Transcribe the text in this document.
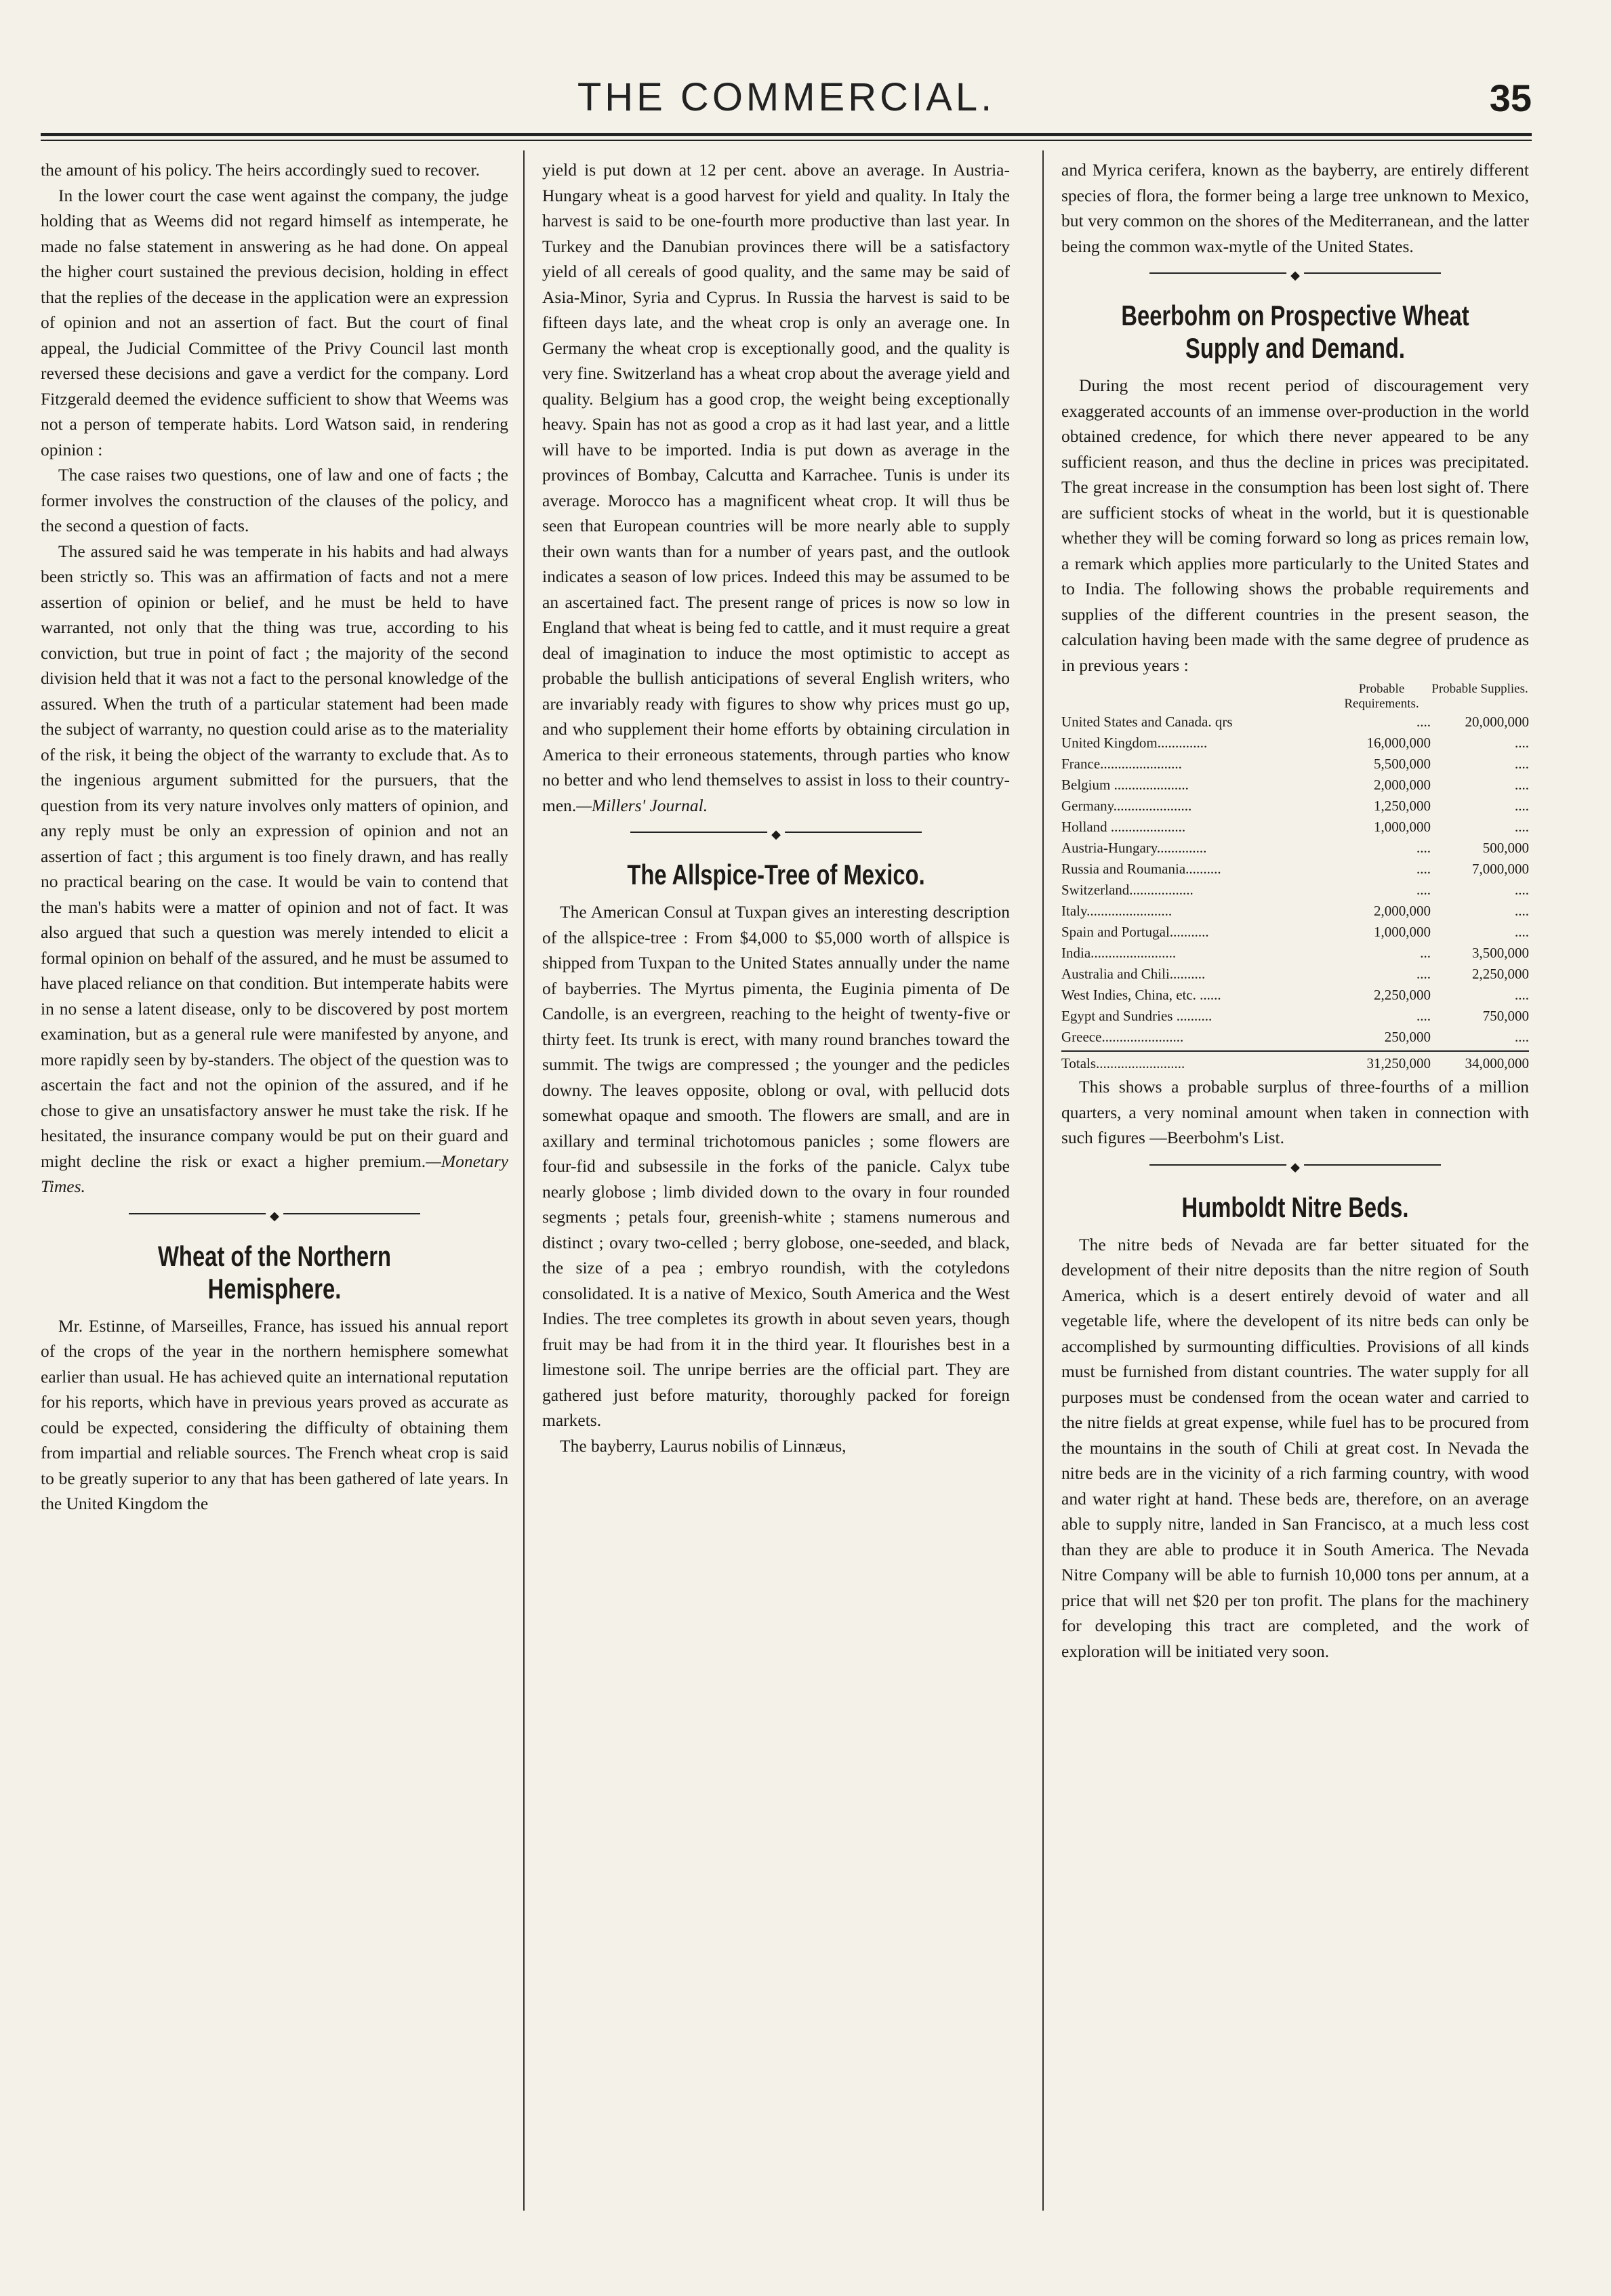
THE COMMERCIAL.	35

the amount of his policy. The heirs accordingly sued to recover.

In the lower court the case went against the company, the judge holding that as Weems did not regard himself as intemperate, he made no false statement in answering as he had done. On appeal the higher court sustained the previous decision, holding in effect that the replies of the decease in the application were an expression of opinion and not an assertion of fact. But the court of final appeal, the Judicial Committee of the Privy Council last month reversed these decisions and gave a verdict for the company. Lord Fitzgerald deemed the evidence sufficient to show that Weems was not a person of temperate habits. Lord Watson said, in rendering opinion :

The case raises two questions, one of law and one of facts ; the former involves the construction of the clauses of the policy, and the second a question of facts.

The assured said he was temperate in his habits and had always been strictly so. This was an affirmation of facts and not a mere assertion of opinion or belief, and he must be held to have warranted, not only that the thing was true, according to his conviction, but true in point of fact ; the majority of the second division held that it was not a fact to the personal knowledge of the assured. When the truth of a particular statement had been made the subject of warranty, no question could arise as to the materiality of the risk, it being the object of the warranty to exclude that. As to the ingenious argument submitted for the pursuers, that the question from its very nature involves only matters of opinion, and any reply must be only an expression of opinion and not an assertion of fact ; this argument is too finely drawn, and has really no practical bearing on the case. It would be vain to contend that the man's habits were a matter of opinion and not of fact. It was also argued that such a question was merely intended to elicit a formal opinion on behalf of the assured, and he must be assumed to have placed reliance on that condition. But intemperate habits were in no sense a latent disease, only to be discovered by post mortem examination, but as a general rule were manifested by anyone, and more rapidly seen by by-standers. The object of the question was to ascertain the fact and not the opinion of the assured, and if he chose to give an unsatisfactory answer he must take the risk. If he hesitated, the insurance company would be put on their guard and might decline the risk or exact a higher premium.—Monetary Times.

◆
Wheat of the Northern Hemisphere.

Mr. Estinne, of Marseilles, France, has issued his annual report of the crops of the year in the northern hemisphere somewhat earlier than usual. He has achieved quite an international reputation for his reports, which have in previous years proved as accurate as could be expected, considering the difficulty of obtaining them from impartial and reliable sources. The French wheat crop is said to be greatly superior to any that has been gathered of late years. In the United Kingdom the

yield is put down at 12 per cent. above an average. In Austria-Hungary wheat is a good harvest for yield and quality. In Italy the harvest is said to be one-fourth more productive than last year. In Turkey and the Danubian provinces there will be a satisfactory yield of all cereals of good quality, and the same may be said of Asia-Minor, Syria and Cyprus. In Russia the harvest is said to be fifteen days late, and the wheat crop is only an average one. In Germany the wheat crop is exceptionally good, and the quality is very fine. Switzerland has a wheat crop about the average yield and quality. Belgium has a good crop, the weight being exceptionally heavy. Spain has not as good a crop as it had last year, and a little will have to be imported. India is put down as average in the provinces of Bombay, Calcutta and Karrachee. Tunis is under its average. Morocco has a magnificent wheat crop. It will thus be seen that European countries will be more nearly able to supply their own wants than for a number of years past, and the outlook indicates a season of low prices. Indeed this may be assumed to be an ascertained fact. The present range of prices is now so low in England that wheat is being fed to cattle, and it must require a great deal of imagination to induce the most optimistic to accept as probable the bullish anticipations of several English writers, who are invariably ready with figures to show why prices must go up, and who supplement their home efforts by obtaining circulation in America to their erroneous statements, through parties who know no better and who lend themselves to assist in loss to their country-men.—Millers' Journal.

◆
The Allspice-Tree of Mexico.

The American Consul at Tuxpan gives an interesting description of the allspice-tree : From $4,000 to $5,000 worth of allspice is shipped from Tuxpan to the United States annually under the name of bayberries. The Myrtus pimenta, the Euginia pimenta of De Candolle, is an evergreen, reaching to the height of twenty-five or thirty feet. Its trunk is erect, with many round branches toward the summit. The twigs are compressed ; the younger and the pedicles downy. The leaves opposite, oblong or oval, with pellucid dots somewhat opaque and smooth. The flowers are small, and are in axillary and terminal trichotomous panicles ; some flowers are four-fid and subsessile in the forks of the panicle. Calyx tube nearly globose ; limb divided down to the ovary in four rounded segments ; petals four, greenish-white ; stamens numerous and distinct ; ovary two-celled ; berry globose, one-seeded, and black, the size of a pea ; embryo roundish, with the cotyledons consolidated. It is a native of Mexico, South America and the West Indies. The tree completes its growth in about seven years, though fruit may be had from it in the third year. It flourishes best in a limestone soil. The unripe berries are the official part. They are gathered just before maturity, thoroughly packed for foreign markets.

The bayberry, Laurus nobilis of Linnæus,

and Myrica cerifera, known as the bayberry, are entirely different species of flora, the former being a large tree unknown to Mexico, but very common on the shores of the Mediterranean, and the latter being the common wax-mytle of the United States.

◆
Beerbohm on Prospective Wheat Supply and Demand.

During the most recent period of discouragement very exaggerated accounts of an immense over-production in the world obtained credence, for which there never appeared to be any sufficient reason, and thus the decline in prices was precipitated. The great increase in the consumption has been lost sight of. There are sufficient stocks of wheat in the world, but it is questionable whether they will be coming forward so long as prices remain low, a remark which applies more particularly to the United States and to India. The following shows the probable requirements and supplies of the different countries in the present season, the calculation having been made with the same degree of prudence as in previous years :

Probable Requirements.
Probable Supplies.
United States and Canada. qrs	....	20,000,000
United Kingdom..............	16,000,000	....
France.......................	5,500,000	....
Belgium .....................	2,000,000	....
Germany......................	1,250,000	....
Holland .....................	1,000,000	....
Austria-Hungary..............	....	500,000
Russia and Roumania..........	....	7,000,000
Switzerland..................	....	....
Italy........................	2,000,000	....
Spain and Portugal...........	1,000,000	....
India........................	...	3,500,000
Australia and Chili..........	....	2,250,000
West Indies, China, etc. ......	2,250,000	....
Egypt and Sundries ..........	....	750,000
Greece.......................	250,000	....
Totals.........................	31,250,000	34,000,000

This shows a probable surplus of three-fourths of a million quarters, a very nominal amount when taken in connection with such figures —Beerbohm's List.

◆
Humboldt Nitre Beds.

The nitre beds of Nevada are far better situated for the development of their nitre deposits than the nitre region of South America, which is a desert entirely devoid of water and all vegetable life, where the developent of its nitre beds can only be accomplished by surmounting difficulties. Provisions of all kinds must be furnished from distant countries. The water supply for all purposes must be condensed from the ocean water and carried to the nitre fields at great expense, while fuel has to be procured from the mountains in the south of Chili at great cost. In Nevada the nitre beds are in the vicinity of a rich farming country, with wood and water right at hand. These beds are, therefore, on an average able to supply nitre, landed in San Francisco, at a much less cost than they are able to produce it in South America. The Nevada Nitre Company will be able to furnish 10,000 tons per annum, at a price that will net $20 per ton profit. The plans for the machinery for developing this tract are completed, and the work of exploration will be initiated very soon.
